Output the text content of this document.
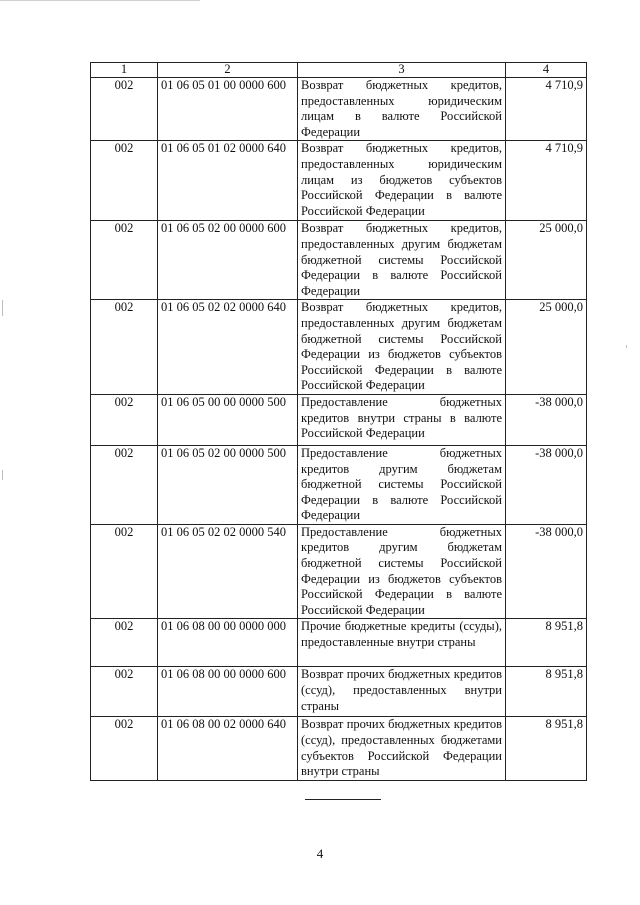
1	2	3	4
002	01 06 05 01 00 0000 600	Возврат бюджетных кредитов, предоставленных юридическим лицам в валюте Российской Федерации	4 710,9
002	01 06 05 01 02 0000 640	Возврат бюджетных кредитов, предоставленных юридическим лицам из бюджетов субъектов Российской Федерации в валюте Российской Федерации	4 710,9
002	01 06 05 02 00 0000 600	Возврат бюджетных кредитов, предоставленных другим бюджетам бюджетной системы Российской Федерации в валюте Российской Федерации	25 000,0
002	01 06 05 02 02 0000 640	Возврат бюджетных кредитов, предоставленных другим бюджетам бюджетной системы Российской Федерации из бюджетов субъектов Российской Федерации в валюте Российской Федерации	25 000,0
002	01 06 05 00 00 0000 500	Предоставление бюджетных кредитов внутри страны в валюте Российской Федерации	-38 000,0
002	01 06 05 02 00 0000 500	Предоставление бюджетных кредитов другим бюджетам бюджетной системы Российской Федерации в валюте Российской Федерации	-38 000,0
002	01 06 05 02 02 0000 540	Предоставление бюджетных кредитов другим бюджетам бюджетной системы Российской Федерации из бюджетов субъектов Российской Федерации в валюте Российской Федерации	-38 000,0
002	01 06 08 00 00 0000 000	Прочие бюджетные кредиты (ссуды), предоставленные внутри страны	8 951,8
002	01 06 08 00 00 0000 600	Возврат прочих бюджетных кредитов (ссуд), предоставленных внутри страны	8 951,8
002	01 06 08 00 02 0000 640	Возврат прочих бюджетных кредитов (ссуд), предоставленных бюджетами субъектов Российской Федерации внутри страны	8 951,8
4
